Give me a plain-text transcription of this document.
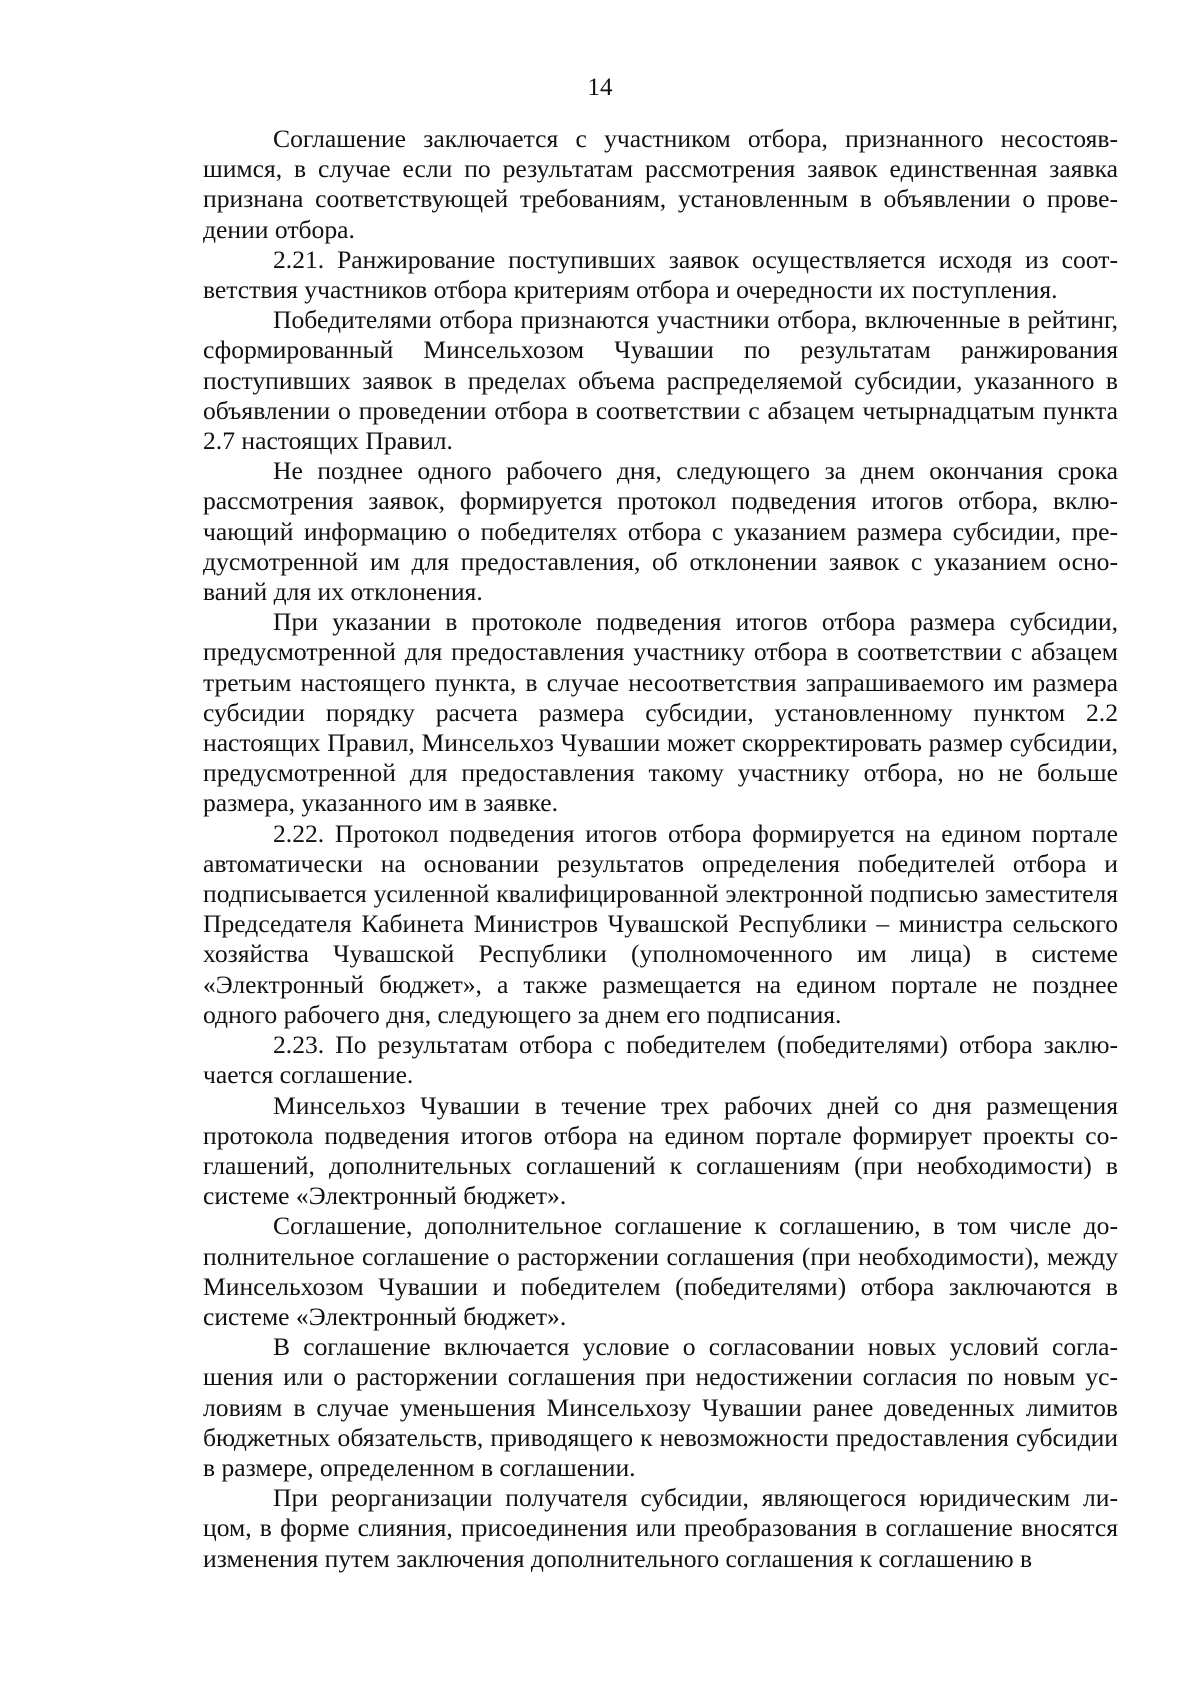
14

Соглашение заключается с участником отбора, признанного несостоявшимся, в случае если по результатам рассмотрения заявок единственная заявка признана соответствующей требованиям, установленным в объявлении о проведении отбора.

2.21. Ранжирование поступивших заявок осуществляется исходя из соответствия участников отбора критериям отбора и очередности их поступления.

Победителями отбора признаются участники отбора, включенные в рейтинг, сформированный Минсельхозом Чувашии по результатам ранжирования поступивших заявок в пределах объема распределяемой субсидии, указанного в объявлении о проведении отбора в соответствии с абзацем четырнадцатым пункта 2.7 настоящих Правил.

Не позднее одного рабочего дня, следующего за днем окончания срока рассмотрения заявок, формируется протокол подведения итогов отбора, включающий информацию о победителях отбора с указанием размера субсидии, предусмотренной им для предоставления, об отклонении заявок с указанием оснований для их отклонения.

При указании в протоколе подведения итогов отбора размера субсидии, предусмотренной для предоставления участнику отбора в соответствии с абзацем третьим настоящего пункта, в случае несоответствия запрашиваемого им размера субсидии порядку расчета размера субсидии, установленному пунктом 2.2 настоящих Правил, Минсельхоз Чувашии может скорректировать размер субсидии, предусмотренной для предоставления такому участнику отбора, но не больше размера, указанного им в заявке.

2.22. Протокол подведения итогов отбора формируется на едином портале автоматически на основании результатов определения победителей отбора и подписывается усиленной квалифицированной электронной подписью заместителя Председателя Кабинета Министров Чувашской Республики – министра сельского хозяйства Чувашской Республики (уполномоченного им лица) в системе «Электронный бюджет», а также размещается на едином портале не позднее одного рабочего дня, следующего за днем его подписания.

2.23. По результатам отбора с победителем (победителями) отбора заключается соглашение.

Минсельхоз Чувашии в течение трех рабочих дней со дня размещения протокола подведения итогов отбора на едином портале формирует проекты соглашений, дополнительных соглашений к соглашениям (при необходимости) в системе «Электронный бюджет».

Соглашение, дополнительное соглашение к соглашению, в том числе дополнительное соглашение о расторжении соглашения (при необходимости), между Минсельхозом Чувашии и победителем (победителями) отбора заключаются в системе «Электронный бюджет».

В соглашение включается условие о согласовании новых условий соглашения или о расторжении соглашения при недостижении согласия по новым условиям в случае уменьшения Минсельхозу Чувашии ранее доведенных лимитов бюджетных обязательств, приводящего к невозможности предоставления субсидии в размере, определенном в соглашении.

При реорганизации получателя субсидии, являющегося юридическим лицом, в форме слияния, присоединения или преобразования в соглашение вносятся изменения путем заключения дополнительного соглашения к соглашению в
